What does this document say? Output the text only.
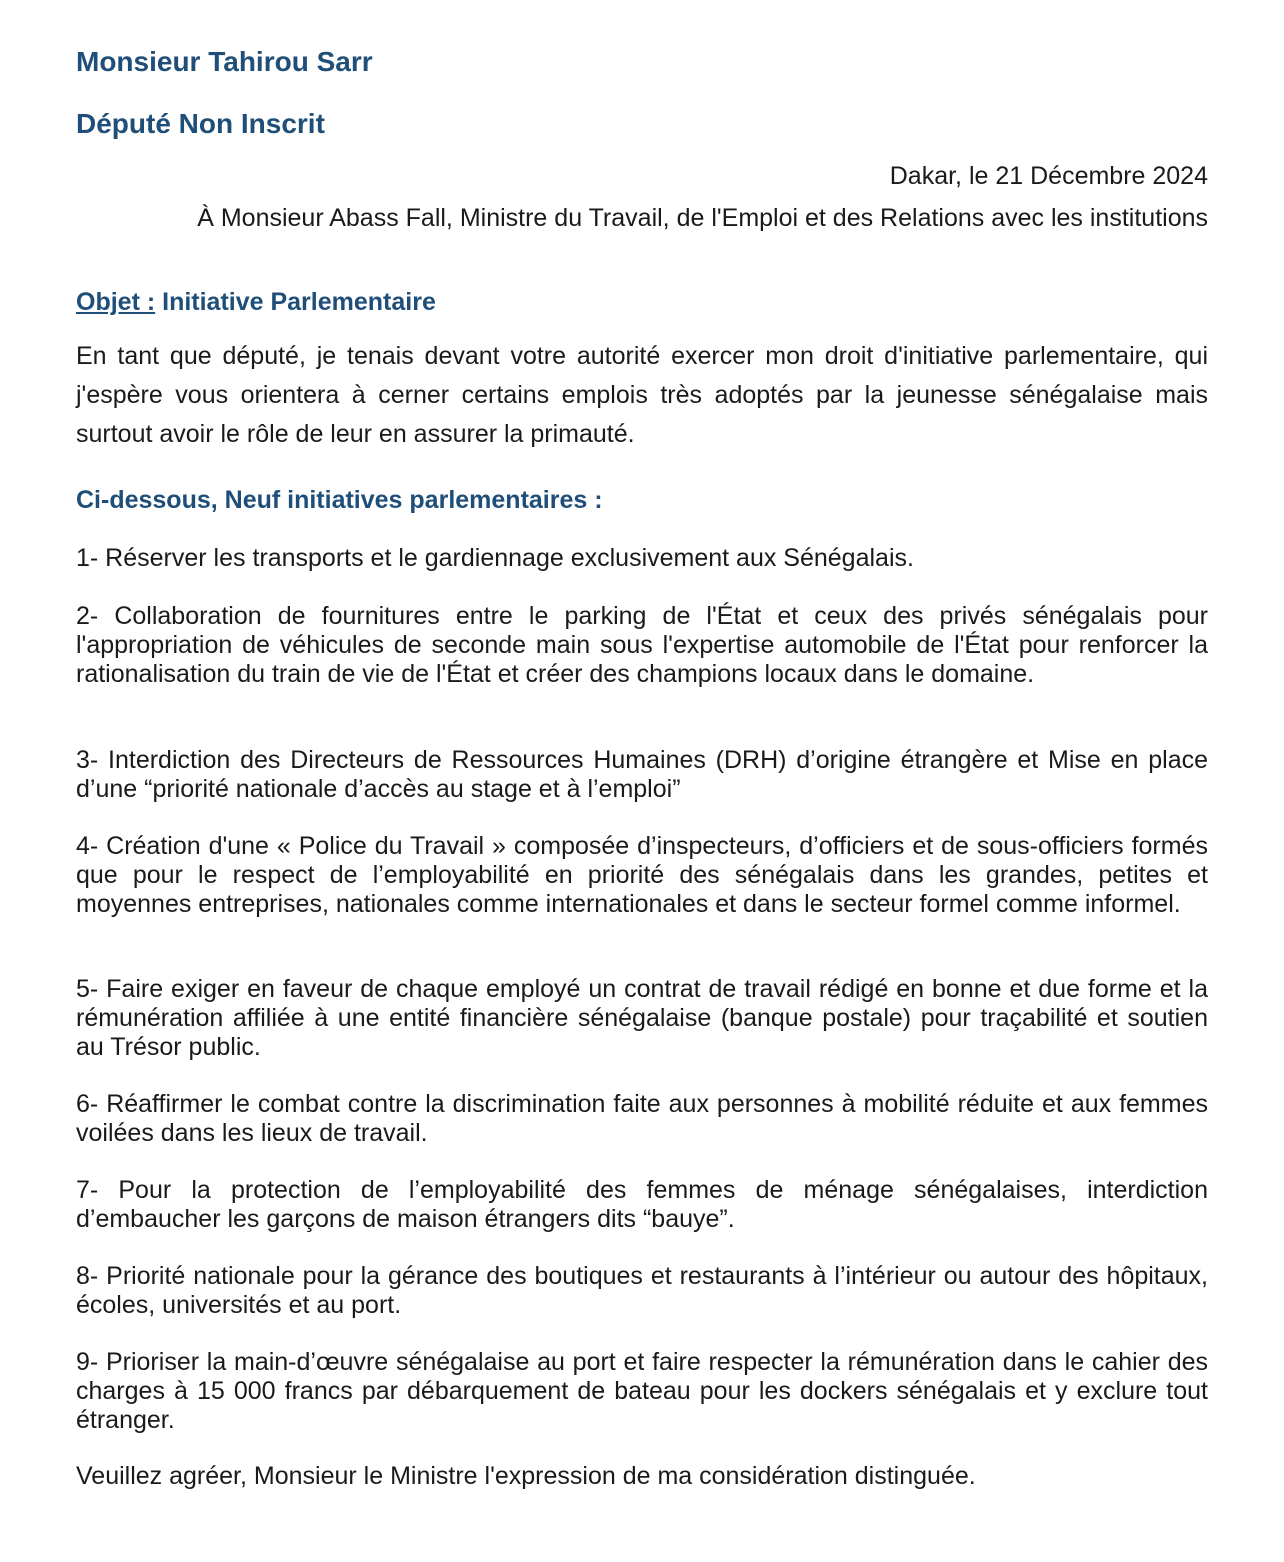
Monsieur Tahirou Sarr
Député Non Inscrit
Dakar, le 21 Décembre 2024
À Monsieur Abass Fall, Ministre du Travail, de l'Emploi et des Relations avec les institutions
Objet : Initiative Parlementaire
En tant que député, je tenais devant votre autorité exercer mon droit d'initiative parlementaire, qui j'espère vous orientera à cerner certains emplois très adoptés par la jeunesse sénégalaise mais surtout avoir le rôle de leur en assurer la primauté.
Ci-dessous, Neuf initiatives parlementaires :
1- Réserver les transports et le gardiennage exclusivement aux Sénégalais.
2- Collaboration de fournitures entre le parking de l'État et ceux des privés sénégalais pour l'appropriation de véhicules de seconde main sous l'expertise automobile de l'État pour renforcer la rationalisation du train de vie de l'État et créer des champions locaux dans le domaine.
3- Interdiction des Directeurs de Ressources Humaines (DRH) d’origine étrangère et Mise en place d’une “priorité nationale d’accès au stage et à l’emploi”
4- Création d'une « Police du Travail » composée d’inspecteurs, d’officiers et de sous-officiers formés que pour le respect de l’employabilité en priorité des sénégalais dans les grandes, petites et moyennes entreprises, nationales comme internationales et dans le secteur formel comme informel.
5- Faire exiger en faveur de chaque employé un contrat de travail rédigé en bonne et due forme et la rémunération affiliée à une entité financière sénégalaise (banque postale) pour traçabilité et soutien au Trésor public.
6- Réaffirmer le combat contre la discrimination faite aux personnes à mobilité réduite et aux femmes voilées dans les lieux de travail.
7- Pour la protection de l’employabilité des femmes de ménage sénégalaises, interdiction d’embaucher les garçons de maison étrangers dits “bauye”.
8- Priorité nationale pour la gérance des boutiques et restaurants à l’intérieur ou autour des hôpitaux, écoles, universités et au port.
9- Prioriser la main-d’œuvre sénégalaise au port et faire respecter la rémunération dans le cahier des charges à 15 000 francs par débarquement de bateau pour les dockers sénégalais et y exclure tout étranger.
Veuillez agréer, Monsieur le Ministre l'expression de ma considération distinguée.
